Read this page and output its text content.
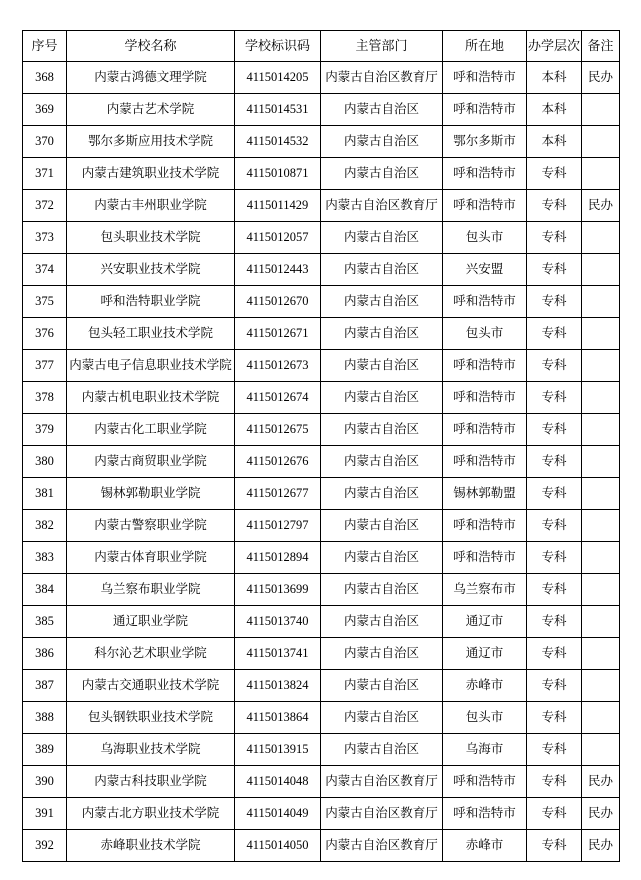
序号	学校名称	学校标识码	主管部门	所在地	办学层次	备注
368	内蒙古鸿德文理学院	4115014205	内蒙古自治区教育厅	呼和浩特市	本科	民办
369	内蒙古艺术学院	4115014531	内蒙古自治区	呼和浩特市	本科	
370	鄂尔多斯应用技术学院	4115014532	内蒙古自治区	鄂尔多斯市	本科	
371	内蒙古建筑职业技术学院	4115010871	内蒙古自治区	呼和浩特市	专科	
372	内蒙古丰州职业学院	4115011429	内蒙古自治区教育厅	呼和浩特市	专科	民办
373	包头职业技术学院	4115012057	内蒙古自治区	包头市	专科	
374	兴安职业技术学院	4115012443	内蒙古自治区	兴安盟	专科	
375	呼和浩特职业学院	4115012670	内蒙古自治区	呼和浩特市	专科	
376	包头轻工职业技术学院	4115012671	内蒙古自治区	包头市	专科	
377	内蒙古电子信息职业技术学院	4115012673	内蒙古自治区	呼和浩特市	专科	
378	内蒙古机电职业技术学院	4115012674	内蒙古自治区	呼和浩特市	专科	
379	内蒙古化工职业学院	4115012675	内蒙古自治区	呼和浩特市	专科	
380	内蒙古商贸职业学院	4115012676	内蒙古自治区	呼和浩特市	专科	
381	锡林郭勒职业学院	4115012677	内蒙古自治区	锡林郭勒盟	专科	
382	内蒙古警察职业学院	4115012797	内蒙古自治区	呼和浩特市	专科	
383	内蒙古体育职业学院	4115012894	内蒙古自治区	呼和浩特市	专科	
384	乌兰察布职业学院	4115013699	内蒙古自治区	乌兰察布市	专科	
385	通辽职业学院	4115013740	内蒙古自治区	通辽市	专科	
386	科尔沁艺术职业学院	4115013741	内蒙古自治区	通辽市	专科	
387	内蒙古交通职业技术学院	4115013824	内蒙古自治区	赤峰市	专科	
388	包头钢铁职业技术学院	4115013864	内蒙古自治区	包头市	专科	
389	乌海职业技术学院	4115013915	内蒙古自治区	乌海市	专科	
390	内蒙古科技职业学院	4115014048	内蒙古自治区教育厅	呼和浩特市	专科	民办
391	内蒙古北方职业技术学院	4115014049	内蒙古自治区教育厅	呼和浩特市	专科	民办
392	赤峰职业技术学院	4115014050	内蒙古自治区教育厅	赤峰市	专科	民办
